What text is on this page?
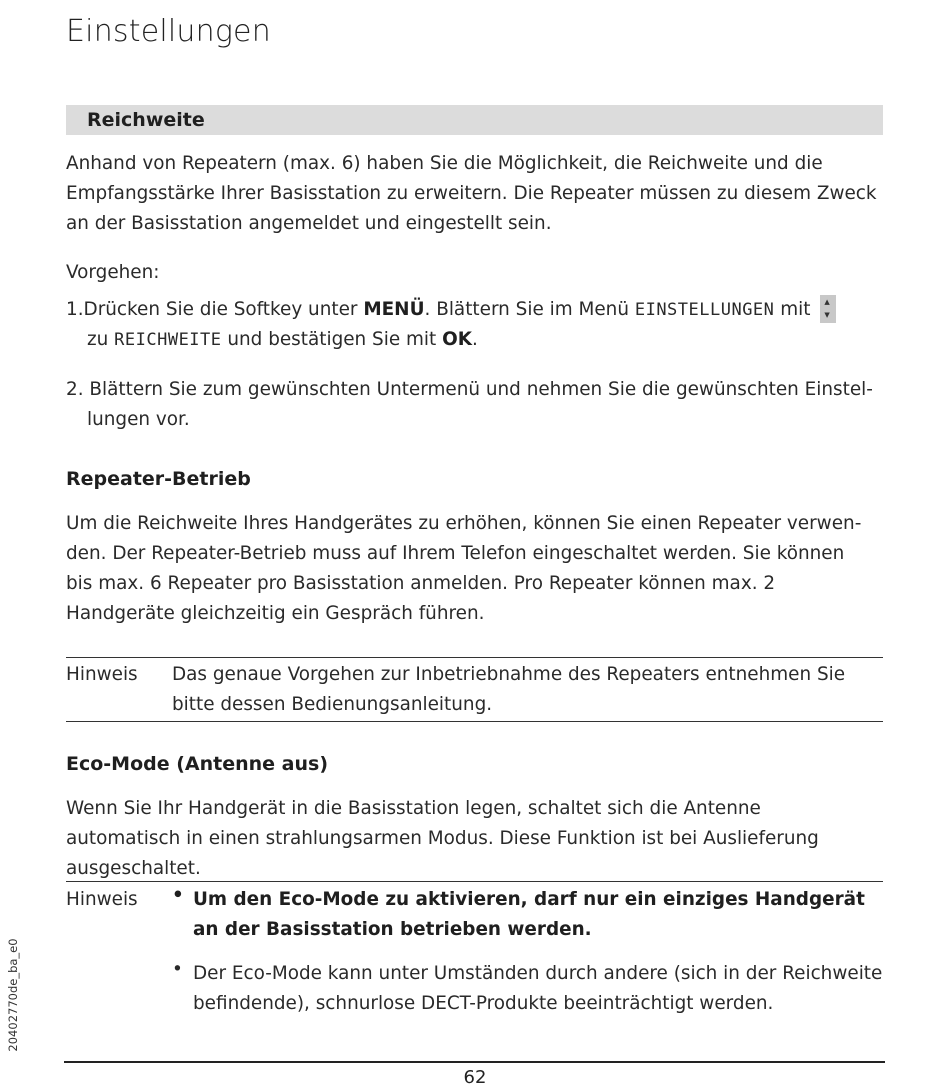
Einstellungen
Reichweite
Anhand von Repeatern (max. 6) haben Sie die Möglichkeit, die Reichweite und die Empfangsstärke Ihrer Basisstation zu erweitern. Die Repeater müssen zu diesem Zweck an der Basisstation angemeldet und eingestellt sein.
Vorgehen:
1.Drücken Sie die Softkey unter MENÜ. Blättern Sie im Menü EINSTELLUNGEN mit ▲
▼
zu REICHWEITE und bestätigen Sie mit OK.
2. Blättern Sie zum gewünschten Untermenü und nehmen Sie die gewünschten Einstel-
lungen vor.
Repeater-Betrieb
Um die Reichweite Ihres Handgerätes zu erhöhen, können Sie einen Repeater verwen-den. Der Repeater-Betrieb muss auf Ihrem Telefon eingeschaltet werden. Sie können bis max. 6 Repeater pro Basisstation anmelden. Pro Repeater können max. 2 Handgeräte gleichzeitig ein Gespräch führen.
Hinweis Das genaue Vorgehen zur Inbetriebnahme des Repeaters entnehmen Sie bitte dessen Bedienungsanleitung.
Eco-Mode (Antenne aus)
Wenn Sie Ihr Handgerät in die Basisstation legen, schaltet sich die Antenne automatisch in einen strahlungsarmen Modus. Diese Funktion ist bei Auslieferung ausgeschaltet.
Hinweis • Um den Eco-Mode zu aktivieren, darf nur ein einziges Handgerät an der Basisstation betrieben werden.
• Der Eco-Mode kann unter Umständen durch andere (sich in der Reichweite befindende), schnurlose DECT-Produkte beeinträchtigt werden.
20402770de_ba_e0
62
